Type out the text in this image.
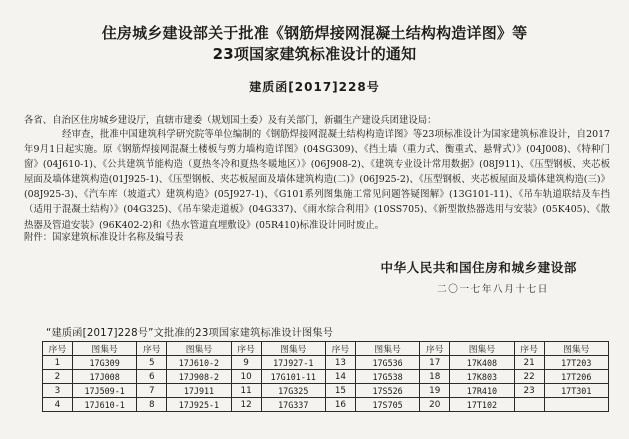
住房城乡建设部关于批准《钢筋焊接网混凝土结构构造详图》等
23项国家建筑标准设计的通知
建质函[2017]228号
各省、自治区住房城乡建设厅，直辖市建委（规划国土委）及有关部门，新疆生产建设兵团建设局：
经审查，批准中国建筑科学研究院等单位编制的《钢筋焊接网混凝土结构构造详图》等23项标准设计为国家建筑标准设计，自2017年9月1日起实施。原《钢筋焊接网混凝土楼板与剪力墙构造详图》(04SG309)、《挡土墙（重力式、衡重式、悬臂式）》(04J008)、《特种门窗》(04J610-1)、《公共建筑节能构造（夏热冬冷和夏热冬暖地区）》(06J908-2)、《建筑专业设计常用数据》(08J911)、《压型钢板、夹芯板屋面及墙体建筑构造(01J925-1)、《压型钢板、夹芯板屋面及墙体建筑构造(二)》(06J925-2)、《压型钢板、夹芯板屋面及墙体建筑构造(三)》(08J925-3)、《汽车库（坡道式）建筑构造》(05J927-1)、《G101系列图集施工常见问题答疑图解》(13G101-11)、《吊车轨道联结及车挡（适用于混凝土结构）》(04G325)、《吊车梁走道板》(04G337)、《雨水综合利用》(10SS705)、《新型散热器选用与安装》(05K405)、《散热器及管道安装》(96K402-2)和《热水管道直埋敷设》(05R410)标准设计同时废止。
附件：国家建筑标准设计名称及编号表
中华人民共和国住房和城乡建设部
二〇一七年八月十七日
“建质函[2017]228号”文批准的23项国家建筑标准设计图集号
序号	图集号	序号	图集号	序号	图集号	序号	图集号	序号	图集号	序号	图集号
1	17G309	5	17J610-2	9	17J927-1	13	17G536	17	17K408	21	17T203
2	17J008	6	17J908-2	10	17G101-11	14	17G538	18	17K803	22	17T206
3	17J509-1	7	17J911	11	17G325	15	17S526	19	17R410	23	17T301
4	17J610-1	8	17J925-1	12	17G337	16	17S705	20	17T102		
